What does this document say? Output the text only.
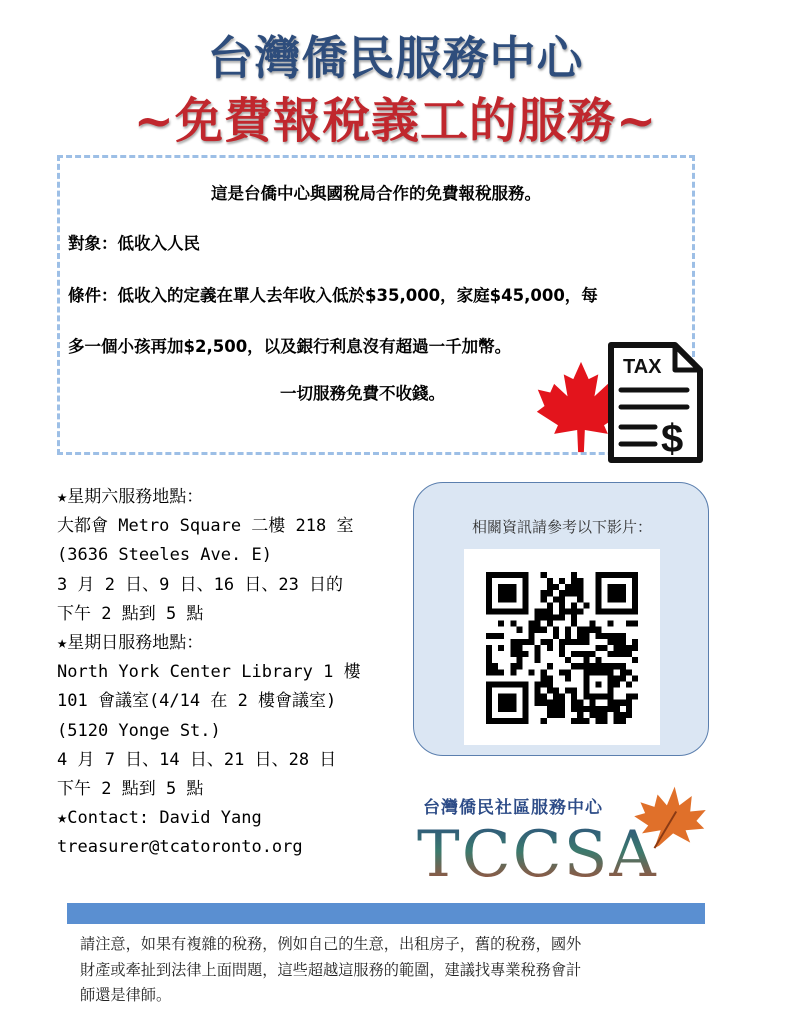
台灣僑民服務中心
~免費報稅義工的服務~

這是台僑中心與國稅局合作的免費報稅服務。

對象：低收入人民

條件：低收入的定義在單人去年收入低於$35,000，家庭$45,000，每

多一個小孩再加$2,500，以及銀行利息沒有超過一千加幣。

一切服務免費不收錢。

TAX
$
★星期六服務地點：
大都會 Metro Square 二樓 218 室
(3636 Steeles Ave. E)
3 月 2 日、9 日、16 日、23 日的
下午 2 點到 5 點
★星期日服務地點：
North York Center Library 1 樓
101 會議室(4/14 在 2 樓會議室)
(5120 Yonge St.)
4 月 7 日、14 日、21 日、28 日
下午 2 點到 5 點
★Contact: David Yang
treasurer@tcatoronto.org
相關資訊請參考以下影片：
台灣僑民社區服務中心
TCCSA
請注意，如果有複雜的稅務，例如自己的生意，出租房子，舊的稅務，國外
財產或牽扯到法律上面問題，這些超越這服務的範圍，建議找專業稅務會計
師還是律師。
